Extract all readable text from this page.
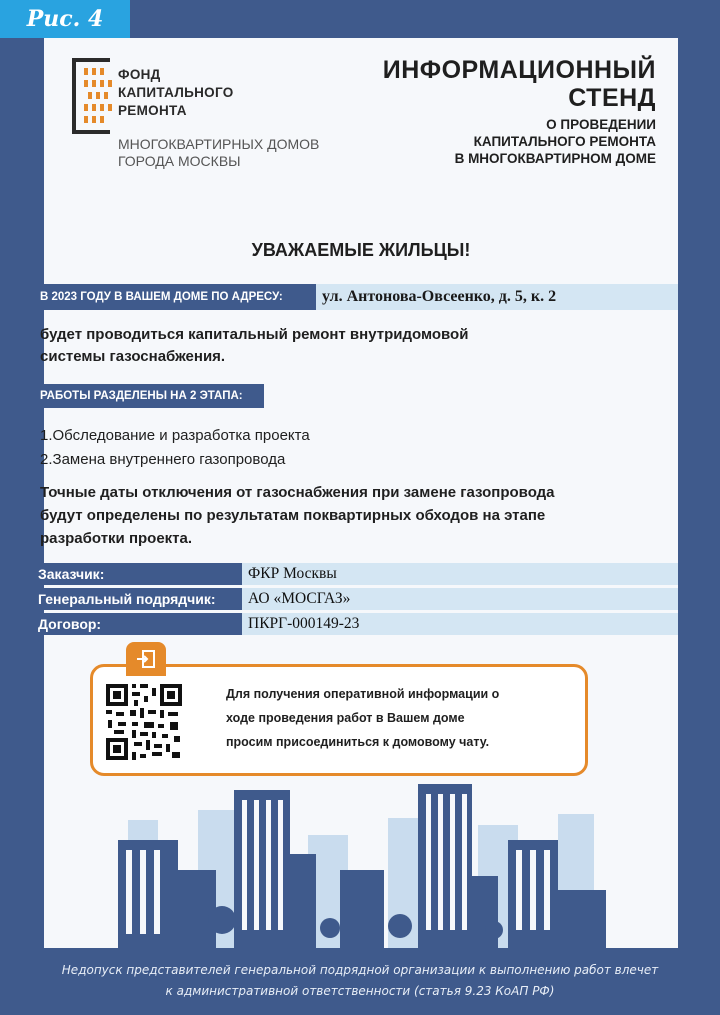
Рис. 4
ФОНД
КАПИТАЛЬНОГО
РЕМОНТА
МНОГОКВАРТИРНЫХ ДОМОВ
ГОРОДА МОСКВЫ
ИНФОРМАЦИОННЫЙ
СТЕНД
О ПРОВЕДЕНИИ
КАПИТАЛЬНОГО РЕМОНТА
В МНОГОКВАРТИРНОМ ДОМЕ
УВАЖАЕМЫЕ ЖИЛЬЦЫ!
В 2023 ГОДУ В ВАШЕМ ДОМЕ ПО АДРЕСУ:	ул. Антонова-Овсеенко, д. 5, к. 2
будет проводиться капитальный ремонт внутридомовой
системы газоснабжения.
РАБОТЫ РАЗДЕЛЕНЫ НА 2 ЭТАПА:
1.Обследование и разработка проекта
2.Замена внутреннего газопровода
Точные даты отключения от газоснабжения при замене газопровода
будут определены по результатам поквартирных обходов на этапе
разработки проекта.
Заказчик:	ФКР Москвы
Генеральный подрядчик:	АО «МОСГАЗ»
Договор:	ПКРГ-000149-23
Для получения оперативной информации о
ходе проведения работ в Вашем доме
просим присоединиться к домовому чату.
Недопуск представителей генеральной подрядной организации к выполнению работ влечет
к административной ответственности (статья 9.23 КоАП РФ)
